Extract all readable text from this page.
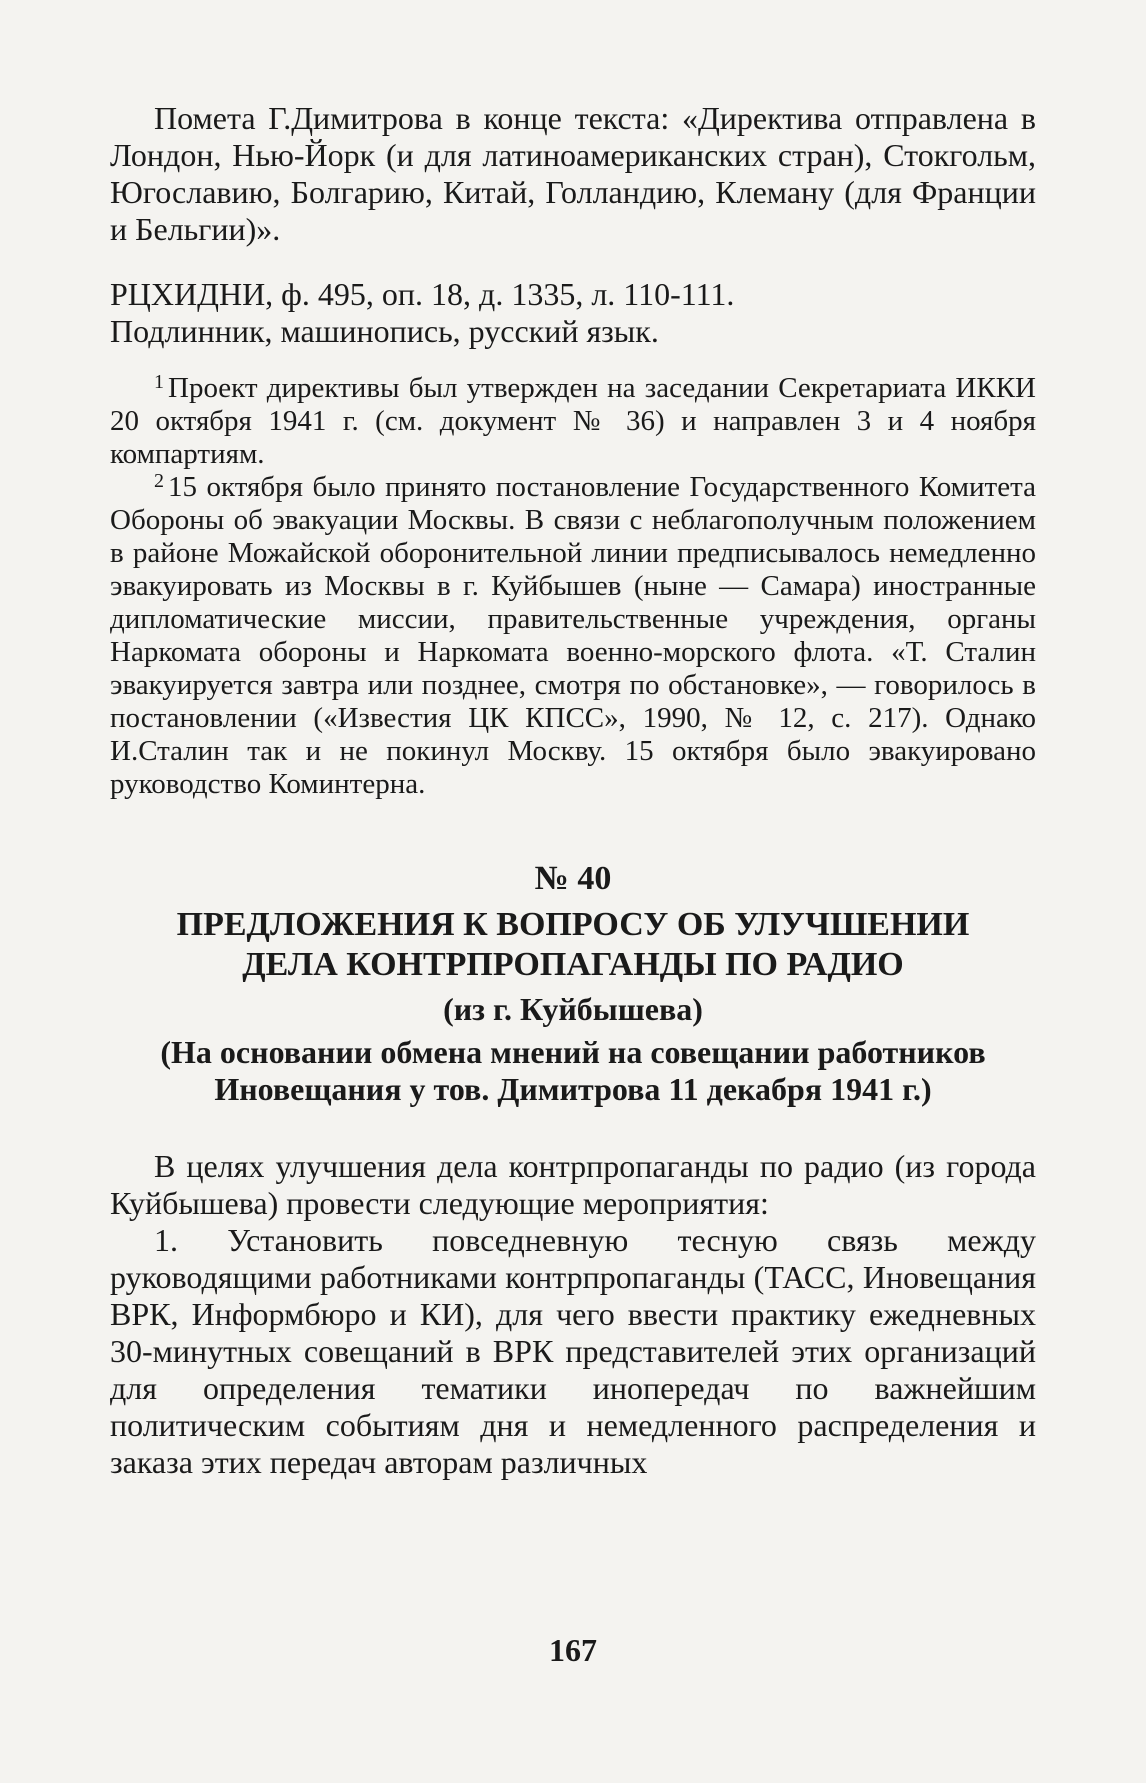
Помета Г.Димитрова в конце текста: «Директива отправлена в Лондон, Нью-Йорк (и для латиноамериканских стран), Стокгольм, Югославию, Болгарию, Китай, Голландию, Клеману (для Франции и Бельгии)».

РЦХИДНИ, ф. 495, оп. 18, д. 1335, л. 110-111.

Подлинник, машинопись, русский язык.

$^1$ Проект директивы был утвержден на заседании Секретариата ИККИ 20 октября 1941 г. (см. документ № 36) и направлен 3 и 4 ноября компартиям.

$^2$ 15 октября было принято постановление Государственного Комитета Обороны об эвакуации Москвы. В связи с неблагополучным положением в районе Можайской оборонительной линии предписывалось немедленно эвакуировать из Москвы в г. Куйбышев (ныне — Самара) иностранные дипломатические миссии, правительственные учреждения, органы Наркомата обороны и Наркомата военно-морского флота. «Т. Сталин эвакуируется завтра или позднее, смотря по обстановке», — говорилось в постановлении («Известия ЦК КПСС», 1990, № 12, с. 217). Однако И.Сталин так и не покинул Москву. 15 октября было эвакуировано руководство Коминтерна.

№ 40

ПРЕДЛОЖЕНИЯ К ВОПРОСУ ОБ УЛУЧШЕНИИ ДЕЛА КОНТРПРОПАГАНДЫ ПО РАДИО

(из г. Куйбышева)

(На основании обмена мнений на совещании работников Иновещания у тов. Димитрова 11 декабря 1941 г.)

В целях улучшения дела контрпропаганды по радио (из города Куйбышева) провести следующие мероприятия:

1. Установить повседневную тесную связь между руководящими работниками контрпропаганды (ТАСС, Иновещания ВРК, Информбюро и КИ), для чего ввести практику ежедневных 30-минутных совещаний в ВРК представителей этих организаций для определения тематики инопередач по важнейшим политическим событиям дня и немедленного распределения и заказа этих передач авторам различных

167
